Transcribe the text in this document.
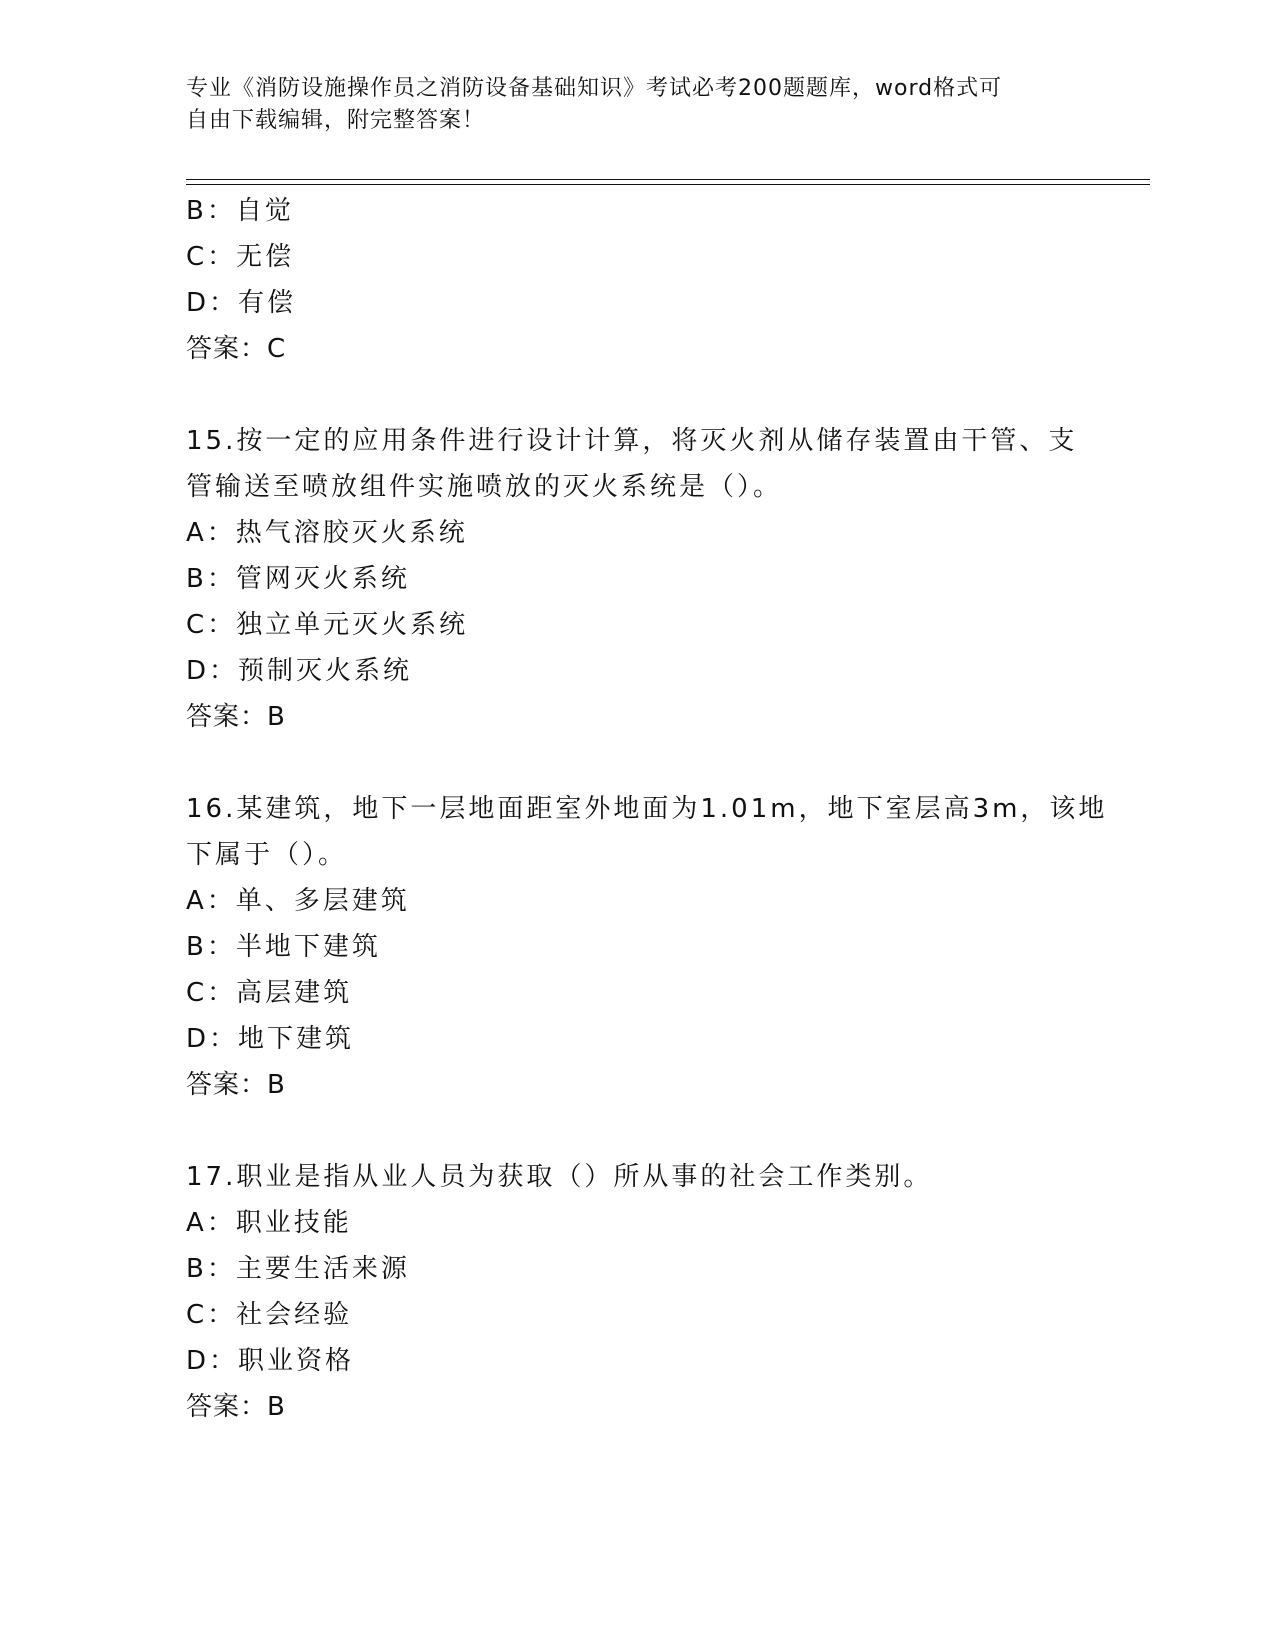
专业《消防设施操作员之消防设备基础知识》考试必考200题题库，word格式可
自由下载编辑，附完整答案！

B：自觉

C：无偿

D：有偿

答案：C

15.按一定的应用条件进行设计计算，将灭火剂从储存装置由干管、支

管输送至喷放组件实施喷放的灭火系统是（）。

A：热气溶胶灭火系统

B：管网灭火系统

C：独立单元灭火系统

D：预制灭火系统

答案：B

16.某建筑，地下一层地面距室外地面为1.01m，地下室层高3m，该地

下属于（）。

A：单、多层建筑

B：半地下建筑

C：高层建筑

D：地下建筑

答案：B

17.职业是指从业人员为获取（）所从事的社会工作类别。

A：职业技能

B：主要生活来源

C：社会经验

D：职业资格

答案：B
